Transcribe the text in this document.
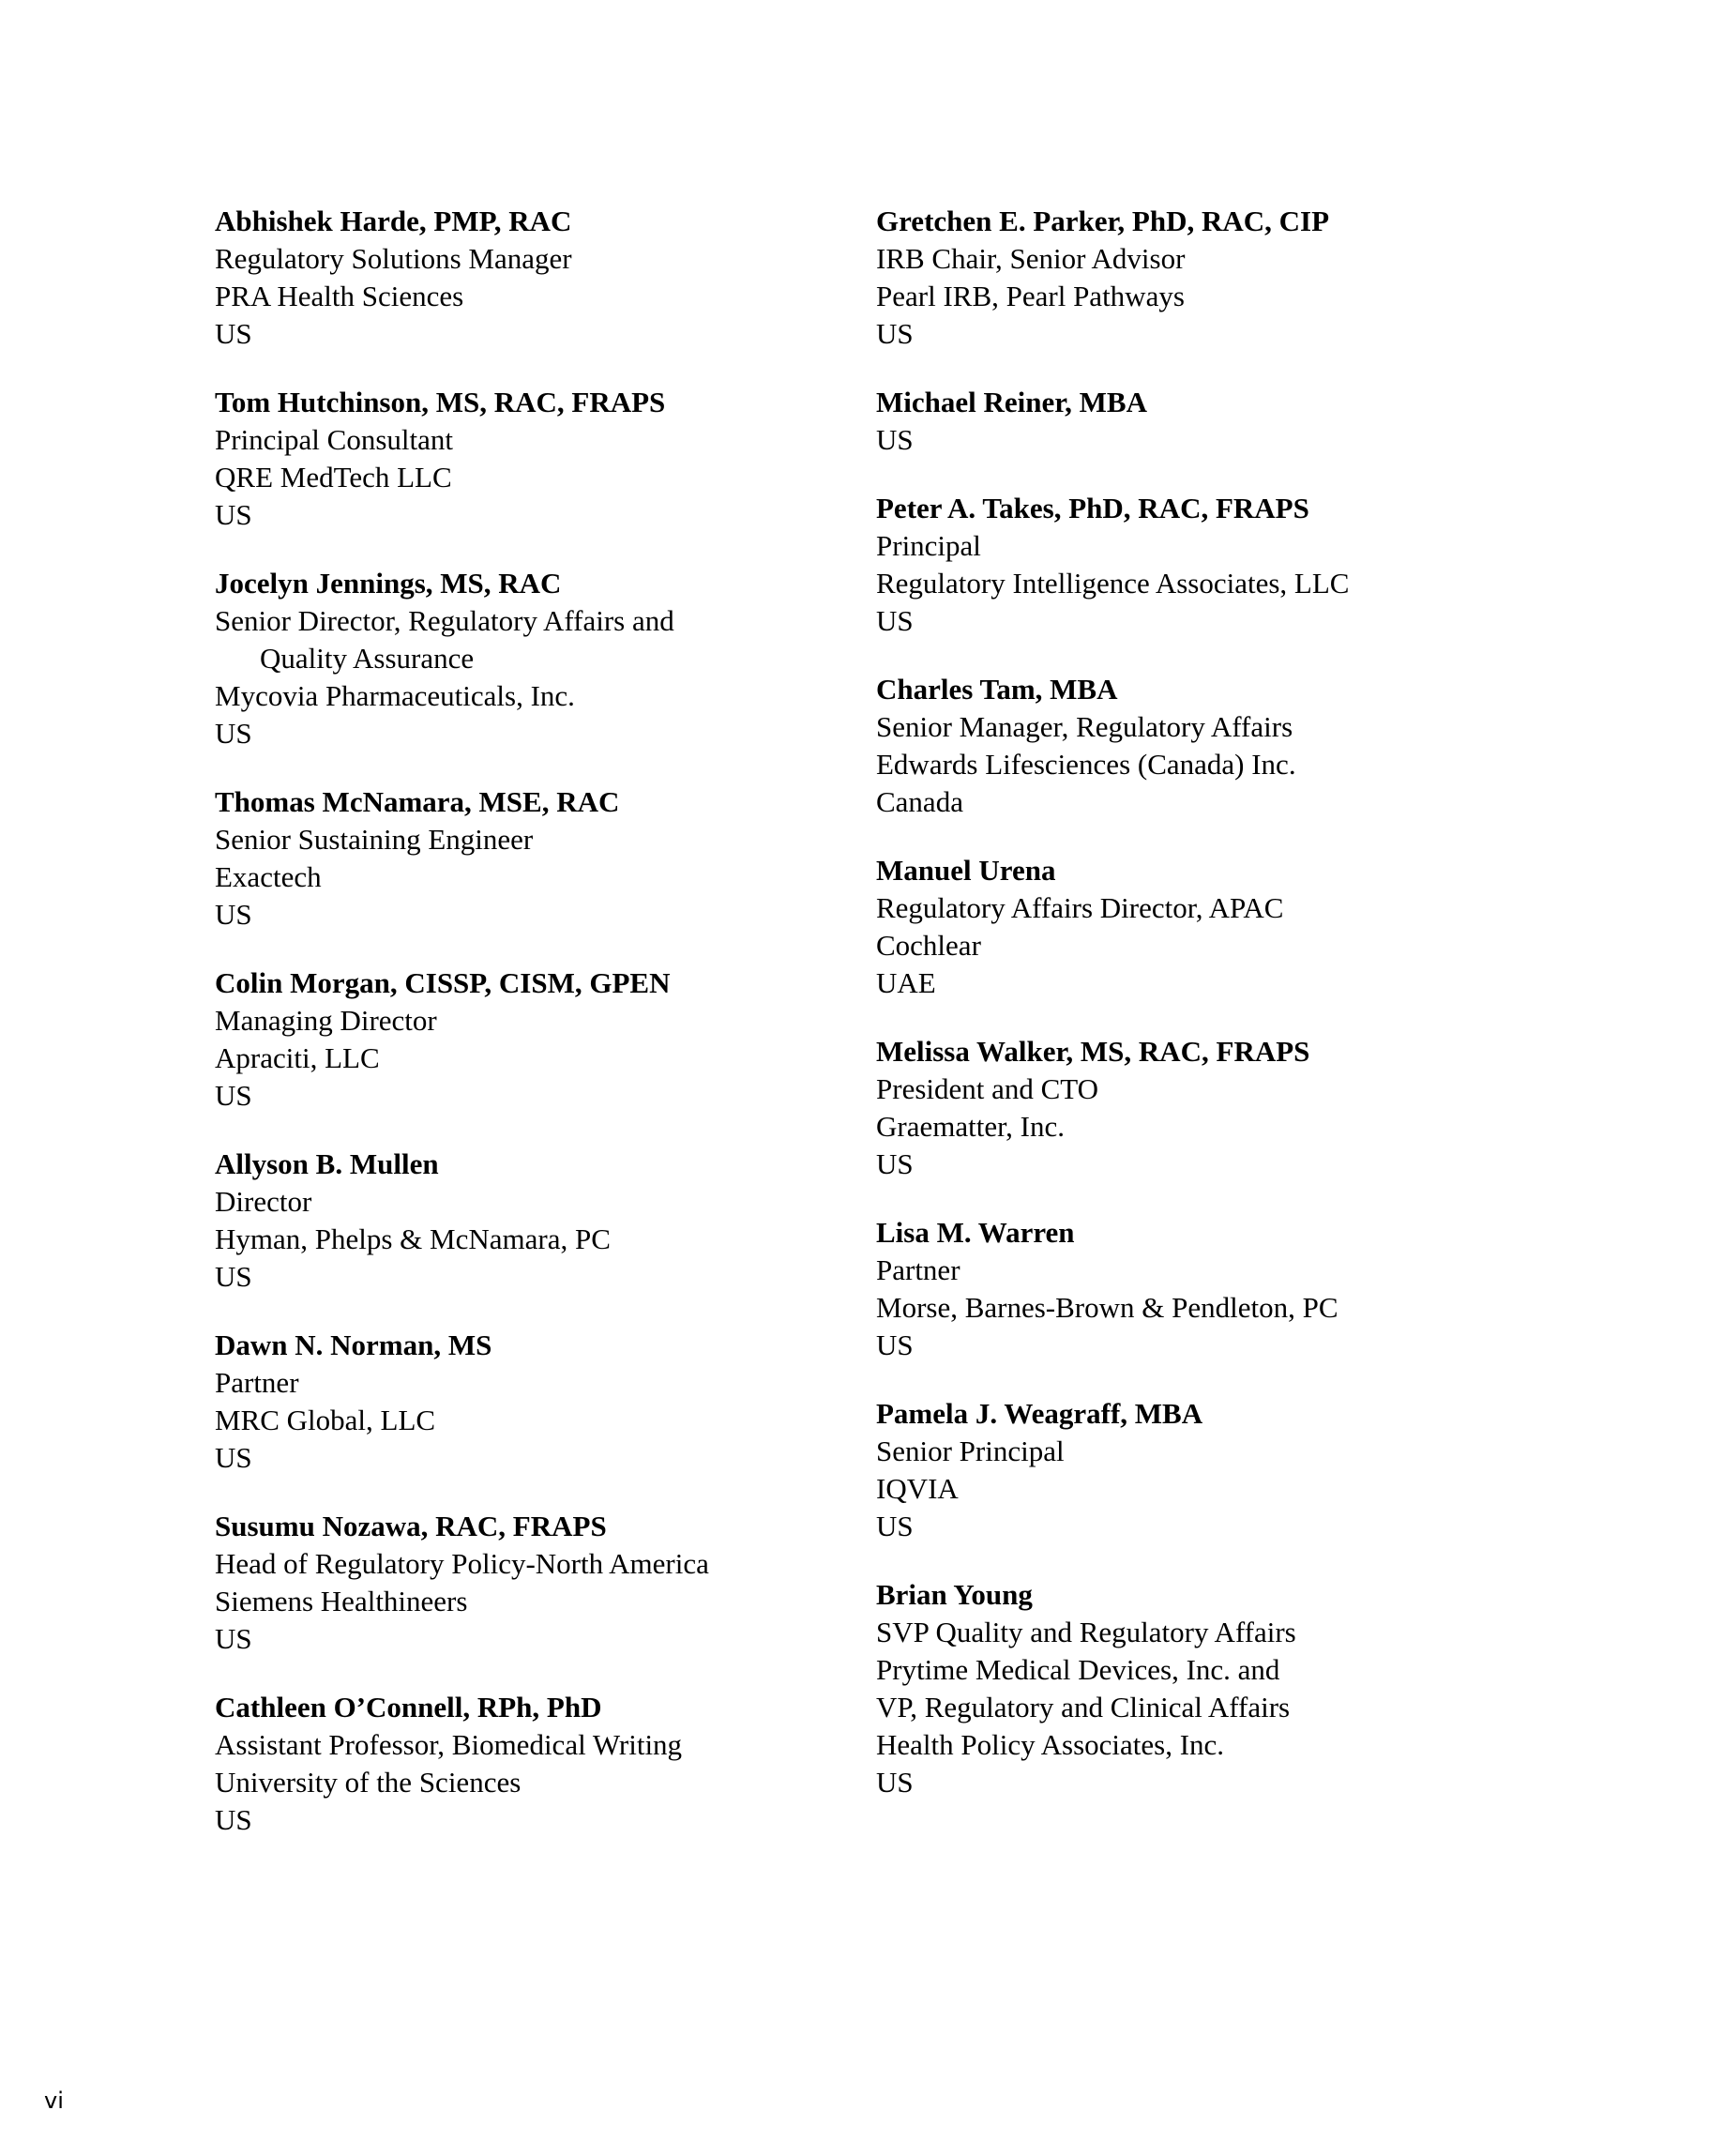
Abhishek Harde, PMP, RAC
Regulatory Solutions Manager
PRA Health Sciences
US
Tom Hutchinson, MS, RAC, FRAPS
Principal Consultant
QRE MedTech LLC
US
Jocelyn Jennings, MS, RAC
Senior Director, Regulatory Affairs and
Quality Assurance
Mycovia Pharmaceuticals, Inc.
US
Thomas McNamara, MSE, RAC
Senior Sustaining Engineer
Exactech
US
Colin Morgan, CISSP, CISM, GPEN
Managing Director
Apraciti, LLC
US
Allyson B. Mullen
Director
Hyman, Phelps & McNamara, PC
US
Dawn N. Norman, MS
Partner
MRC Global, LLC
US
Susumu Nozawa, RAC, FRAPS
Head of Regulatory Policy-North America
Siemens Healthineers
US
Cathleen O’Connell, RPh, PhD
Assistant Professor, Biomedical Writing
University of the Sciences
US
Gretchen E. Parker, PhD, RAC, CIP
IRB Chair, Senior Advisor
Pearl IRB, Pearl Pathways
US
Michael Reiner, MBA
US
Peter A. Takes, PhD, RAC, FRAPS
Principal
Regulatory Intelligence Associates, LLC
US
Charles Tam, MBA
Senior Manager, Regulatory Affairs
Edwards Lifesciences (Canada) Inc.
Canada
Manuel Urena
Regulatory Affairs Director, APAC
Cochlear
UAE
Melissa Walker, MS, RAC, FRAPS
President and CTO
Graematter, Inc.
US
Lisa M. Warren
Partner
Morse, Barnes-Brown & Pendleton, PC
US
Pamela J. Weagraff, MBA
Senior Principal
IQVIA
US
Brian Young
SVP Quality and Regulatory Affairs
Prytime Medical Devices, Inc. and
VP, Regulatory and Clinical Affairs
Health Policy Associates, Inc.
US
vi
